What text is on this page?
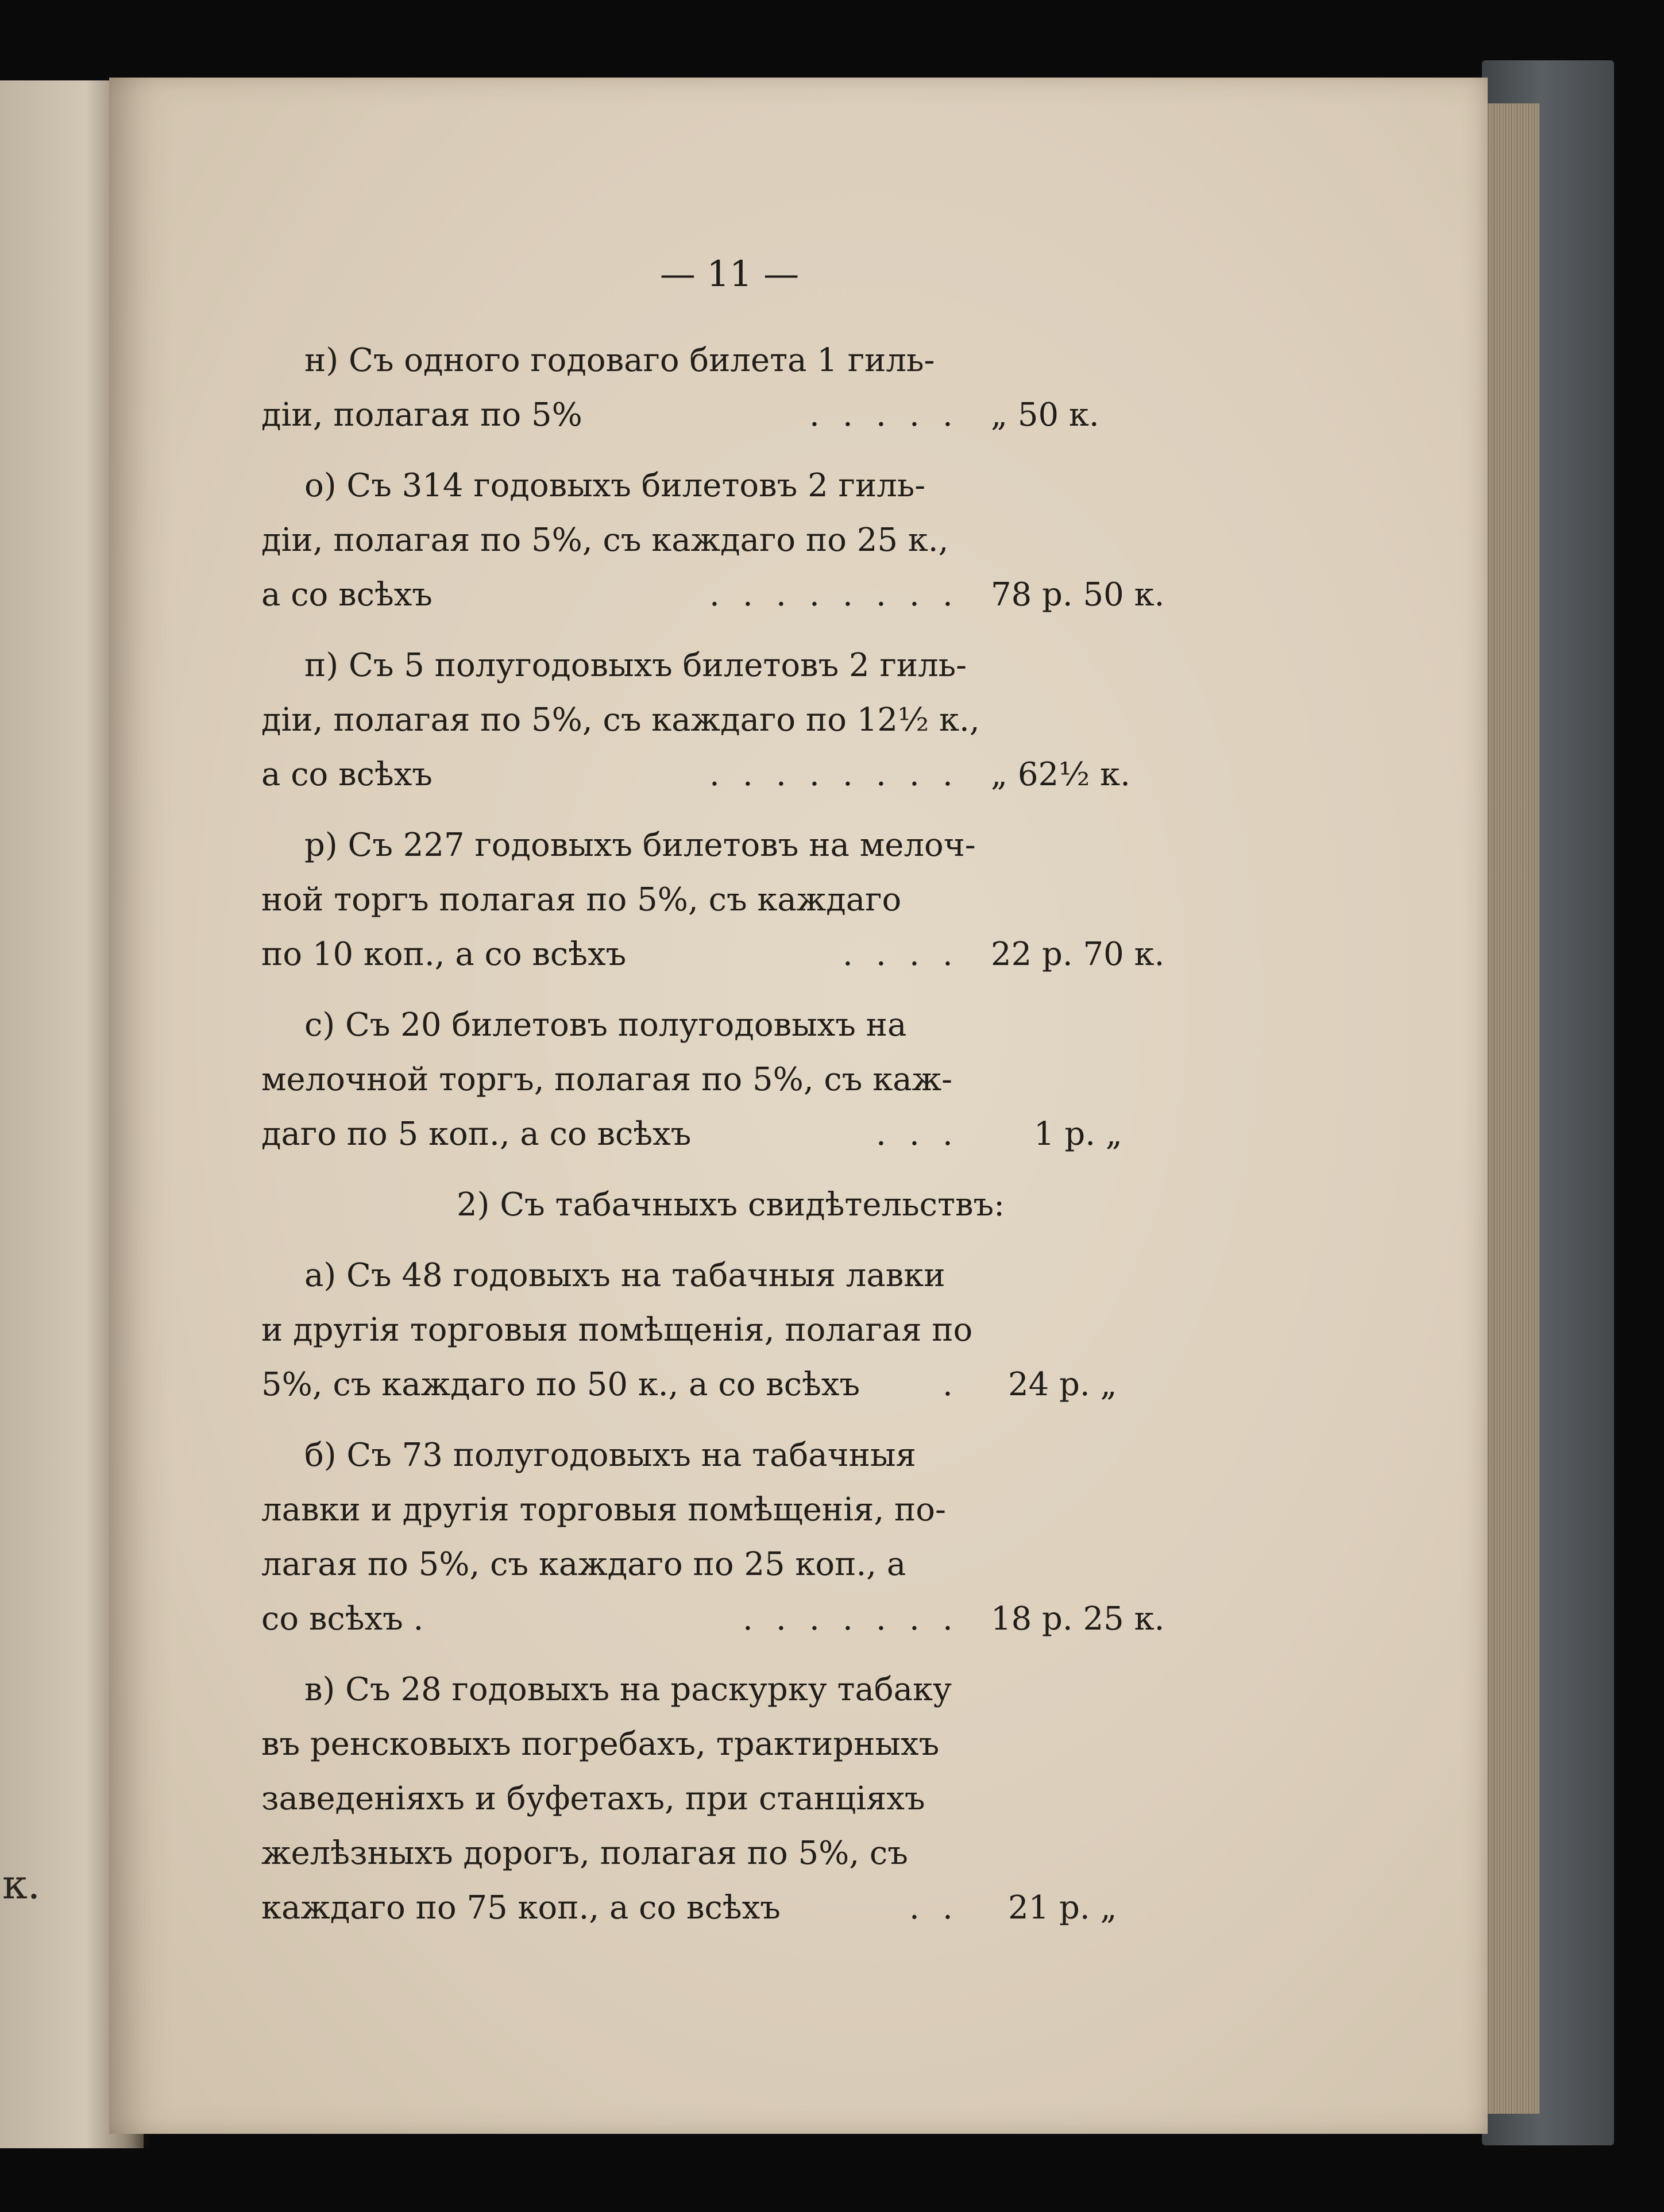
к.
— 11 —
н) Съ одного годоваго билета 1 гиль-
діи, полагая по 5%	. . . . . „ 50 к.
о) Съ 314 годовыхъ билетовъ 2 гиль-
діи, полагая по 5%, съ каждаго по 25 к.,
а со всѣхъ	. . . . . . . . 78 р. 50 к.
п) Съ 5 полугодовыхъ билетовъ 2 гиль-
діи, полагая по 5%, съ каждаго по 12½ к.,
а со всѣхъ	. . . . . . . . „ 62½ к.
р) Съ 227 годовыхъ билетовъ на мелоч-
ной торгъ полагая по 5%, съ каждаго
по 10 коп., а со всѣхъ	. . . . 22 р. 70 к.
с) Съ 20 билетовъ полугодовыхъ на
мелочной торгъ, полагая по 5%, съ каж-
даго по 5 коп., а со всѣхъ	. . .	1 р. „
2) Съ табачныхъ свидѣтельствъ:
а) Съ 48 годовыхъ на табачныя лавки
и другія торговыя помѣщенія, полагая по
5%, съ каждаго по 50 к., а со всѣхъ	.	24 р. „
б) Съ 73 полугодовыхъ на табачныя
лавки и другія торговыя помѣщенія, по-
лагая по 5%, съ каждаго по 25 коп., а
со всѣхъ .	. . . . . . . 18 р. 25 к.
в) Съ 28 годовыхъ на раскурку табаку
въ ренсковыхъ погребахъ, трактирныхъ
заведеніяхъ и буфетахъ, при станціяхъ
желѣзныхъ дорогъ, полагая по 5%, съ
каждаго по 75 коп., а со всѣхъ	. .	21 р. „
